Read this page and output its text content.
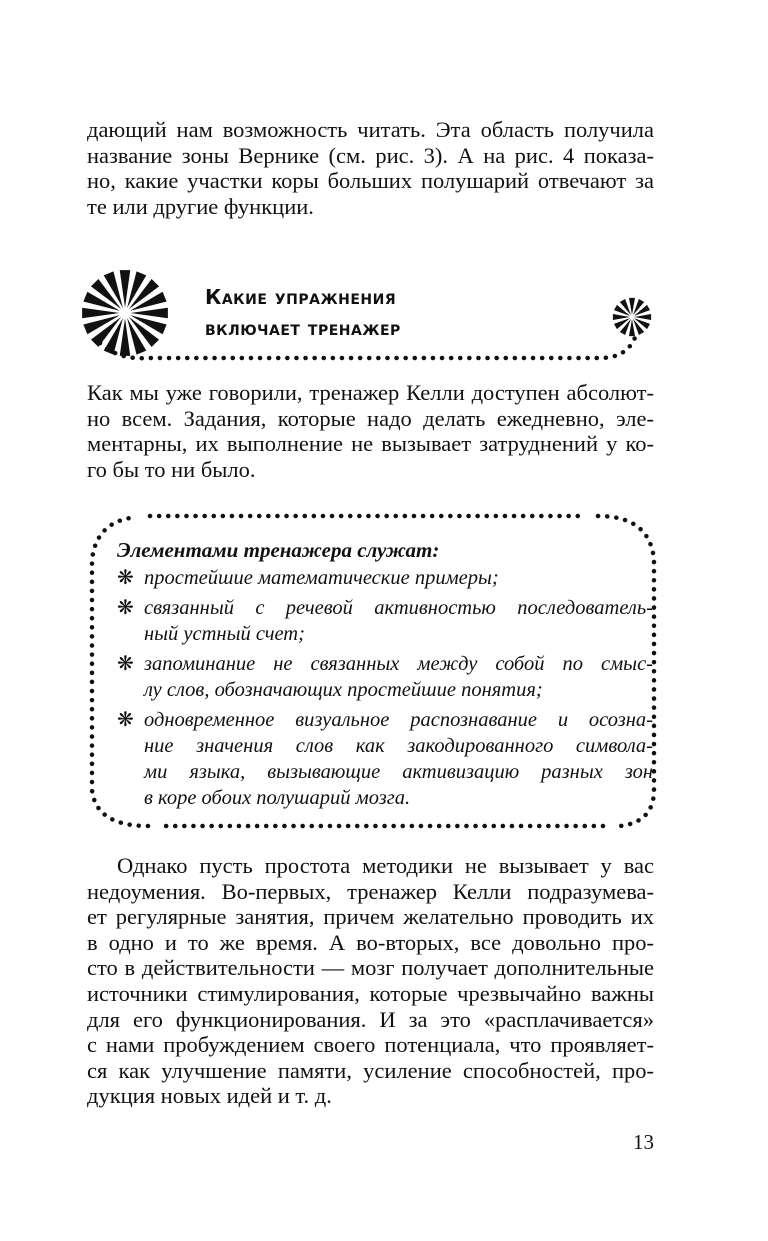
дающий нам возможность читать. Эта область получила
название зоны Вернике (см. рис. 3). А на рис. 4 показа-
но, какие участки коры больших полушарий отвечают за
те или другие функции.
Какие упражнения
включает тренажер
Как мы уже говорили, тренажер Келли доступен абсолют-
но всем. Задания, которые надо делать ежедневно, эле-
ментарны, их выполнение не вызывает затруднений у ко-
го бы то ни было.

Элементами тренажера служат:

❋ простейшие математические примеры;
❋ связанный с речевой активностью последователь-
ный устный счет;
❋ запоминание не связанных между собой по смыс-
лу слов, обозначающих простейшие понятия;
❋ одновременное визуальное распознавание и осозна-
ние значения слов как закодированного символа-
ми языка, вызывающие активизацию разных зон
в коре обоих полушарий мозга.
Однако пусть простота методики не вызывает у вас
недоумения. Во-первых, тренажер Келли подразумева-
ет регулярные занятия, причем желательно проводить их
в одно и то же время. А во-вторых, все довольно про-
сто в действительности — мозг получает дополнительные
источники стимулирования, которые чрезвычайно важны
для его функционирования. И за это «расплачивается»
с нами пробуждением своего потенциала, что проявляет-
ся как улучшение памяти, усиление способностей, про-
дукция новых идей и т. д.

13
